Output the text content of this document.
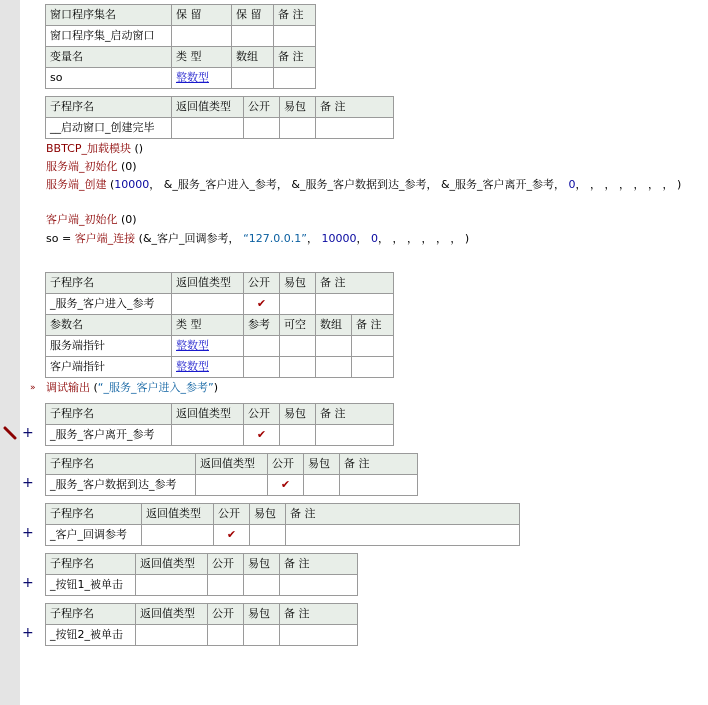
窗口程序集名	保 留	保 留	备 注
窗口程序集_启动窗口			
变量名	类 型	数组	备 注
so	整数型		
子程序名	返回值类型	公开	易包	备 注
__启动窗口_创建完毕				
BBTCP_加载模块 ()
服务端_初始化 (0)
服务端_创建 (10000， &_服务_客户进入_参考， &_服务_客户数据到达_参考， &_服务_客户离开_参考， 0， ， ， ， ， ， ， )
客户端_初始化 (0)
so = 客户端_连接 (&_客户_回调参考， “127.0.0.1”， 10000， 0， ， ， ， ， ， )
子程序名	返回值类型	公开	易包	备 注
_服务_客户进入_参考		✔		
参数名	类 型	参考	可空	数组	备 注
服务端指针	整数型				
客户端指针	整数型				
» 调试输出 (“_服务_客户进入_参考”)
+
子程序名	返回值类型	公开	易包	备 注
_服务_客户离开_参考		✔		
+
子程序名	返回值类型	公开	易包	备 注
_服务_客户数据到达_参考		✔		
+
子程序名	返回值类型	公开	易包	备 注
_客户_回调参考		✔		
+
子程序名	返回值类型	公开	易包	备 注
_按钮1_被单击				
+
子程序名	返回值类型	公开	易包	备 注
_按钮2_被单击				
